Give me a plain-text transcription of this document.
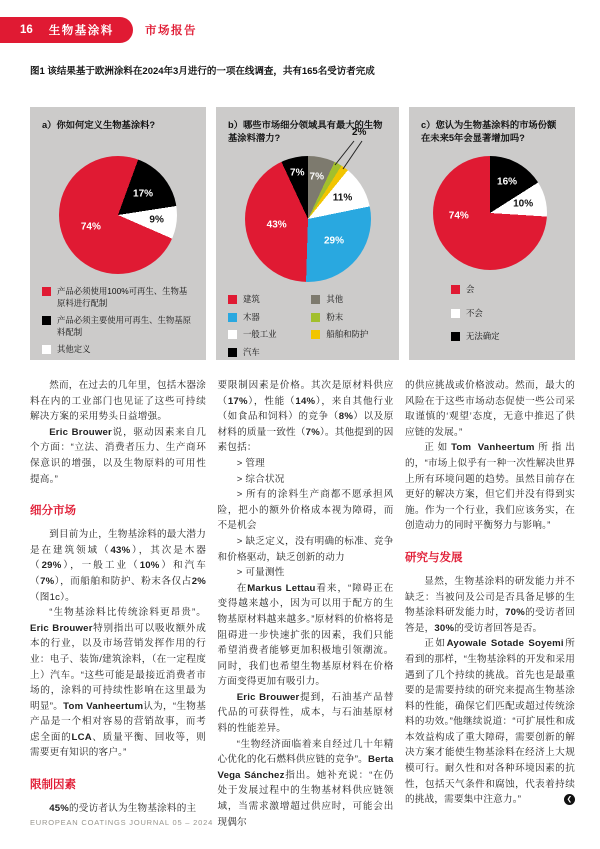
16 生物基涂料	市场报告

图1 该结果基于欧洲涂料在2024年3月进行的一项在线调查，共有165名受访者完成

a）你如何定义生物基涂料?
17%
9%
74%
产品必须使用100%可再生、生物基原料进行配制
产品必须主要使用可再生、生物基原料配制
其他定义
b）哪些市场细分领域具有最大的生物基涂料潜力?
7%
11%
29%
43%
7%
2%
建筑	其他
木器	粉末
一般工业	船舶和防护
汽车
c）您认为生物基涂料的市场份额在未来5年会显著增加吗?
16%
10%
74%
会
不会
无法确定

然而，在过去的几年里，包括木器涂料在内的工业部门也见证了这些可持续解决方案的采用势头日益增强。

Eric Brouwer说，驱动因素来自几个方面：“立法、消费者压力、生产商环保意识的增强，以及生物原料的可用性提高。”

细分市场

到目前为止，生物基涂料的最大潜力是在建筑领域（43%），其次是木器（29%），一般工业（10%）和汽车（7%），而船舶和防护、粉末各仅占2%（图1c）。

“生物基涂料比传统涂料更昂贵”。Eric Brouwer特别指出可以吸收额外成本的行业，以及市场营销发挥作用的行业：电子、装饰/建筑涂料，（在一定程度上）汽车。“这些可能是最接近消费者市场的，涂料的可持续性影响在这里最为明显”。Tom Vanheertum认为，“生物基产品是一个相对容易的营销故事，而考虑全面的LCA、质量平衡、回收等，则需要更有知识的客户。”

限制因素

45%的受访者认为生物基涂料的主

要限制因素是价格。其次是原材料供应（17%），性能（14%），来自其他行业（如食品和饲料）的竞争（8%）以及原材料的质量一致性（7%）。其他提到的因素包括：

> 管理

> 综合状况

> 所有的涂料生产商都不愿承担风险，把小的额外价格成本视为障碍，而不是机会

> 缺乏定义，没有明确的标准、竞争和价格驱动，缺乏创新的动力

> 可量测性

在Markus Lettau看来，“障碍正在变得越来越小，因为可以用于配方的生物基原材料越来越多。”原材料的价格将是阻碍进一步快速扩张的因素，我们只能希望消费者能够更加积极地引领潮流。同时，我们也希望生物基原材料在价格方面变得更加有吸引力。

Eric Brouwer提到，石油基产品替代品的可获得性，成本，与石油基原材料的性能差异。

“生物经济面临着来自经过几十年精心优化的化石燃料供应链的竞争”。Berta Vega Sánchez指出。她补充说：“在仍处于发展过程中的生物基材料供应链领域，当需求激增超过供应时，可能会出现偶尔

的供应挑战或价格波动。然而，最大的风险在于这些市场动态促使一些公司采取谨慎的‘观望’态度，无意中推迟了供应链的发展。”

正如Tom Vanheertum所指出的，“市场上似乎有一种一次性解决世界上所有环境问题的趋势。虽然目前存在更好的解决方案，但它们并没有得到实施。作为一个行业，我们应该务实，在创造动力的同时平衡努力与影响。”

研究与发展

显然，生物基涂料的研发能力并不缺乏：当被问及公司是否具备足够的生物基涂料研发能力时，70%的受访者回答是，30%的受访者回答是否。

正如Ayowale Sotade Soyemi所看到的那样，“生物基涂料的开发和采用遇到了几个持续的挑战。首先也是最重要的是需要持续的研究来提高生物基涂料的性能，确保它们匹配或超过传统涂料的功效。”他继续说道：“可扩展性和成本效益构成了重大障碍，需要创新的解决方案才能使生物基涂料在经济上大规模可行。耐久性和对各种环境因素的抗性，包括天气条件和腐蚀，代表着持续的挑战，需要集中注意力。”	❮

EUROPEAN COATINGS JOURNAL 05 – 2024
